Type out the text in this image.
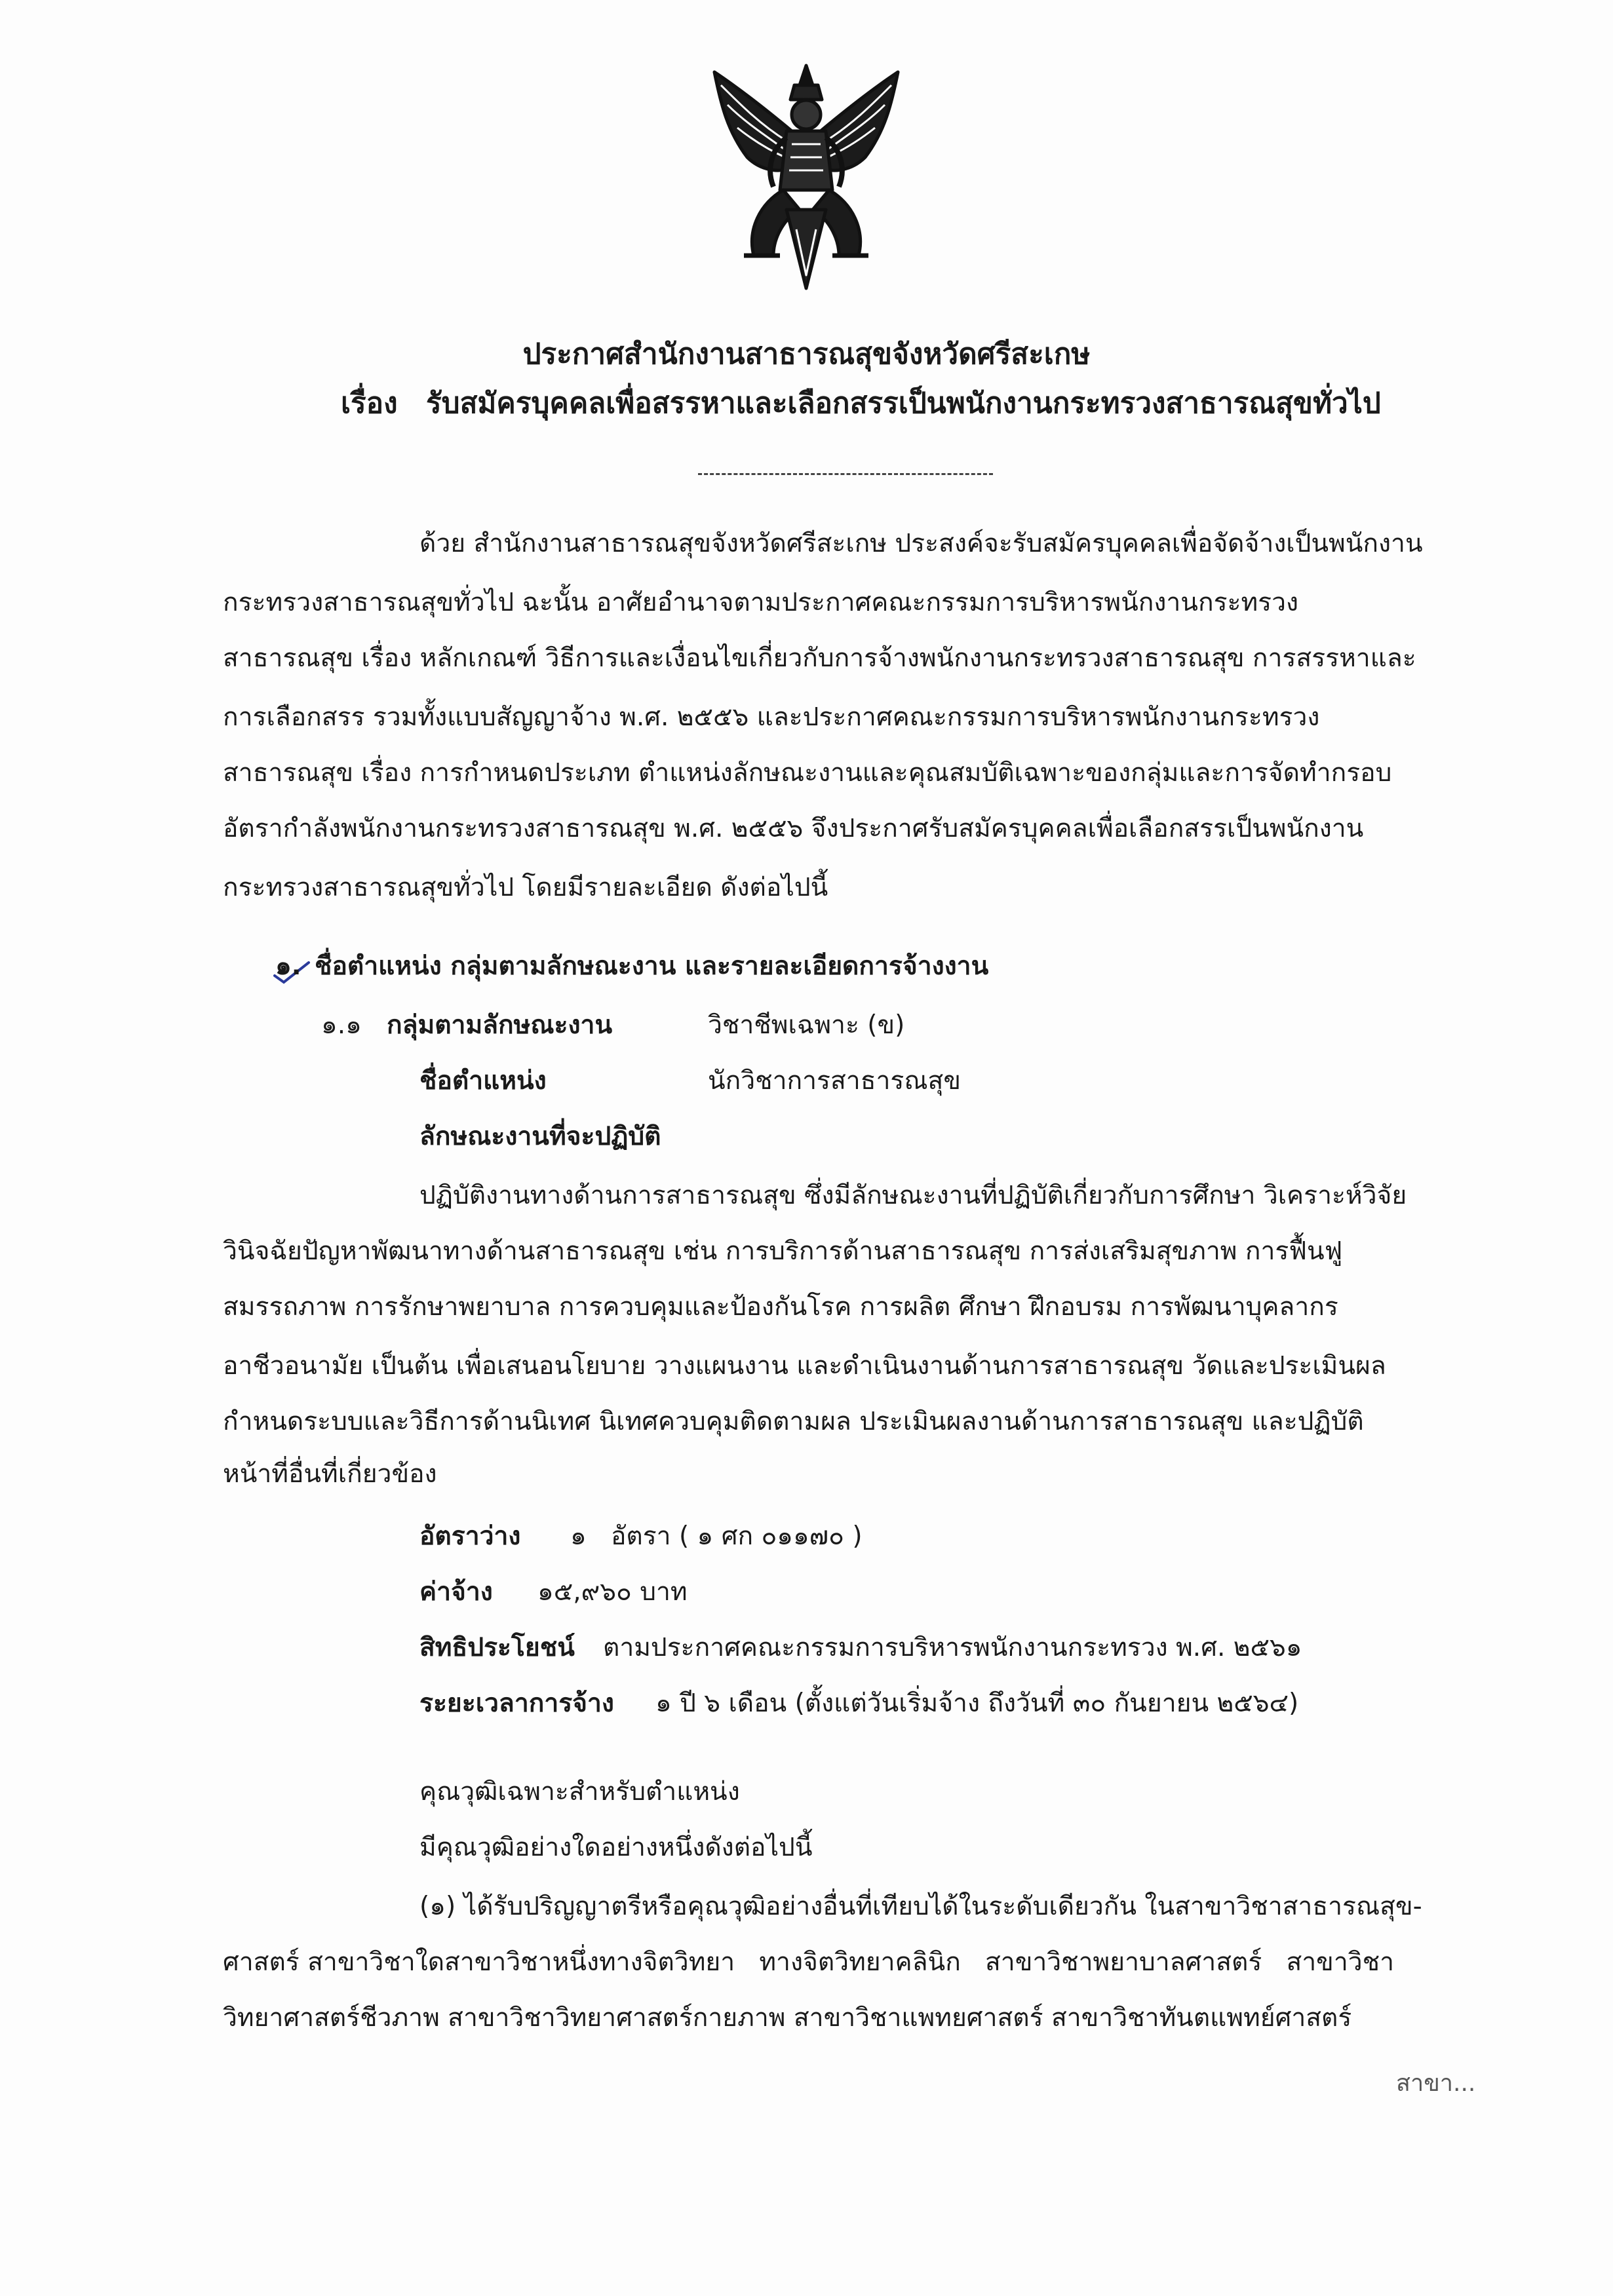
ประกาศสำนักงานสาธารณสุขจังหวัดศรีสะเกษ
เรื่อง รับสมัครบุคคลเพื่อสรรหาและเลือกสรรเป็นพนักงานกระทรวงสาธารณสุขทั่วไป
ด้วย สำนักงานสาธารณสุขจังหวัดศรีสะเกษ ประสงค์จะรับสมัครบุคคลเพื่อจัดจ้างเป็นพนักงาน
กระทรวงสาธารณสุขทั่วไป ฉะนั้น อาศัยอำนาจตามประกาศคณะกรรมการบริหารพนักงานกระทรวง
สาธารณสุข เรื่อง หลักเกณฑ์ วิธีการและเงื่อนไขเกี่ยวกับการจ้างพนักงานกระทรวงสาธารณสุข การสรรหาและ
การเลือกสรร รวมทั้งแบบสัญญาจ้าง พ.ศ. ๒๕๕๖ และประกาศคณะกรรมการบริหารพนักงานกระทรวง
สาธารณสุข เรื่อง การกำหนดประเภท ตำแหน่งลักษณะงานและคุณสมบัติเฉพาะของกลุ่มและการจัดทำกรอบ
อัตรากำลังพนักงานกระทรวงสาธารณสุข พ.ศ. ๒๕๕๖ จึงประกาศรับสมัครบุคคลเพื่อเลือกสรรเป็นพนักงาน
กระทรวงสาธารณสุขทั่วไป โดยมีรายละเอียด ดังต่อไปนี้
๑. ชื่อตำแหน่ง กลุ่มตามลักษณะงาน และรายละเอียดการจ้างงาน
๑.๑ กลุ่มตามลักษณะงาน	วิชาชีพเฉพาะ (ข)
ชื่อตำแหน่ง	นักวิชาการสาธารณสุข
ลักษณะงานที่จะปฏิบัติ
ปฏิบัติงานทางด้านการสาธารณสุข ซึ่งมีลักษณะงานที่ปฏิบัติเกี่ยวกับการศึกษา วิเคราะห์วิจัย
วินิจฉัยปัญหาพัฒนาทางด้านสาธารณสุข เช่น การบริการด้านสาธารณสุข การส่งเสริมสุขภาพ การฟื้นฟู
สมรรถภาพ การรักษาพยาบาล การควบคุมและป้องกันโรค การผลิต ศึกษา ฝึกอบรม การพัฒนาบุคลากร
อาชีวอนามัย เป็นต้น เพื่อเสนอนโยบาย วางแผนงาน และดำเนินงานด้านการสาธารณสุข วัดและประเมินผล
กำหนดระบบและวิธีการด้านนิเทศ นิเทศควบคุมติดตามผล ประเมินผลงานด้านการสาธารณสุข และปฏิบัติ
หน้าที่อื่นที่เกี่ยวข้อง
อัตราว่าง ๑   อัตรา ( ๑ ศก ๐๑๑๗๐ )
ค่าจ้าง ๑๕,๙๖๐ บาท
สิทธิประโยชน์ ตามประกาศคณะกรรมการบริหารพนักงานกระทรวง พ.ศ. ๒๕๖๑
ระยะเวลาการจ้าง ๑ ปี ๖ เดือน (ตั้งแต่วันเริ่มจ้าง ถึงวันที่ ๓๐ กันยายน ๒๕๖๔)
คุณวุฒิเฉพาะสำหรับตำแหน่ง
มีคุณวุฒิอย่างใดอย่างหนึ่งดังต่อไปนี้
(๑) ได้รับปริญญาตรีหรือคุณวุฒิอย่างอื่นที่เทียบได้ในระดับเดียวกัน ในสาขาวิชาสาธารณสุข-
ศาสตร์ สาขาวิชาใดสาขาวิชาหนึ่งทางจิตวิทยา   ทางจิตวิทยาคลินิก   สาขาวิชาพยาบาลศาสตร์   สาขาวิชา
วิทยาศาสตร์ชีวภาพ สาขาวิชาวิทยาศาสตร์กายภาพ สาขาวิชาแพทยศาสตร์ สาขาวิชาทันตแพทย์ศาสตร์
สาขา...
